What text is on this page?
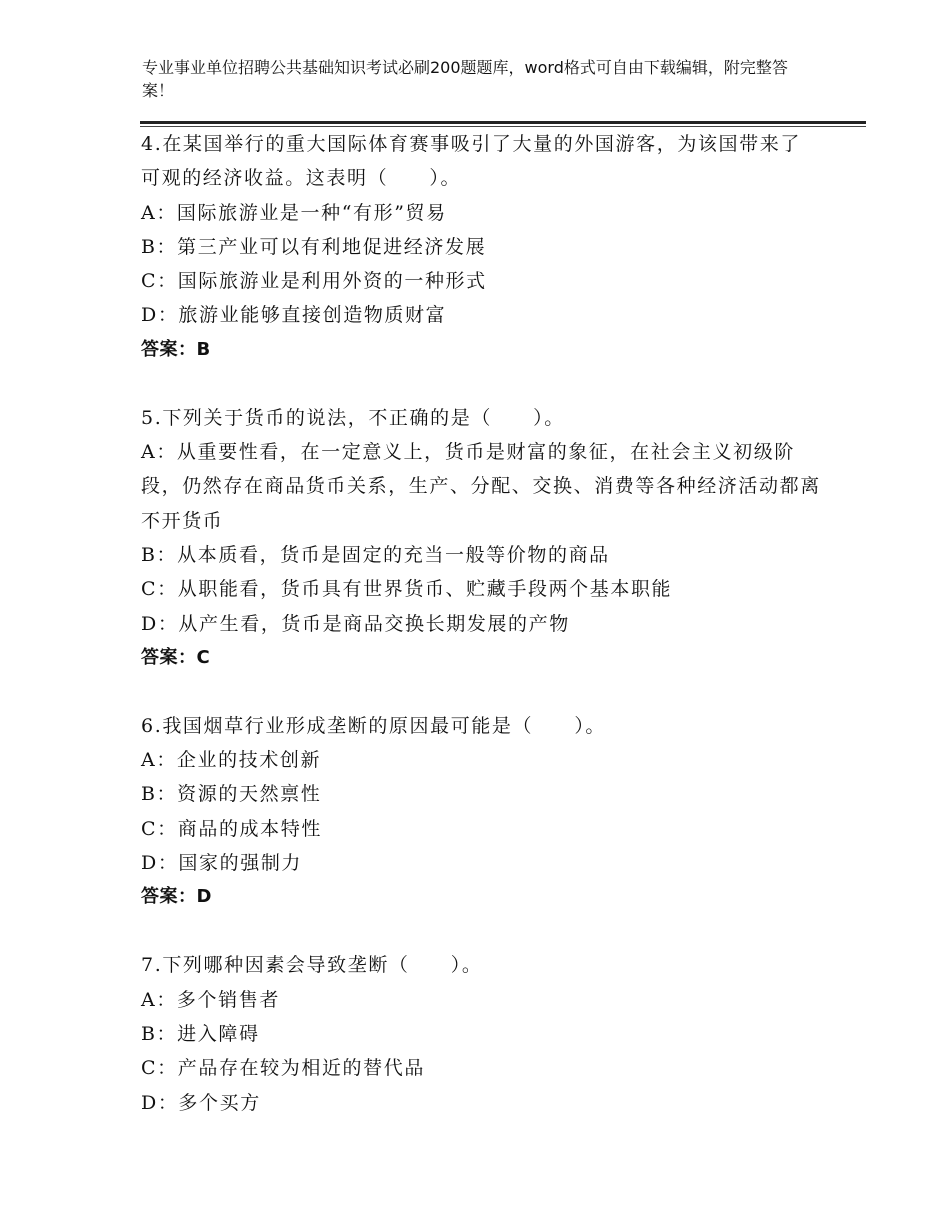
专业事业单位招聘公共基础知识考试必刷200题题库，word格式可自由下载编辑，附完整答案！

4.在某国举行的重大国际体育赛事吸引了大量的外国游客，为该国带来了可观的经济收益。这表明（　　）。

A：国际旅游业是一种“有形”贸易

B：第三产业可以有利地促进经济发展

C：国际旅游业是利用外资的一种形式

D：旅游业能够直接创造物质财富

答案：B

5.下列关于货币的说法，不正确的是（　　）。

A：从重要性看，在一定意义上，货币是财富的象征，在社会主义初级阶段，仍然存在商品货币关系，生产、分配、交换、消费等各种经济活动都离不开货币

B：从本质看，货币是固定的充当一般等价物的商品

C：从职能看，货币具有世界货币、贮藏手段两个基本职能

D：从产生看，货币是商品交换长期发展的产物

答案：C

6.我国烟草行业形成垄断的原因最可能是（　　）。

A：企业的技术创新

B：资源的天然禀性

C：商品的成本特性

D：国家的强制力

答案：D

7.下列哪种因素会导致垄断（　　）。

A：多个销售者

B：进入障碍

C：产品存在较为相近的替代品

D：多个买方
